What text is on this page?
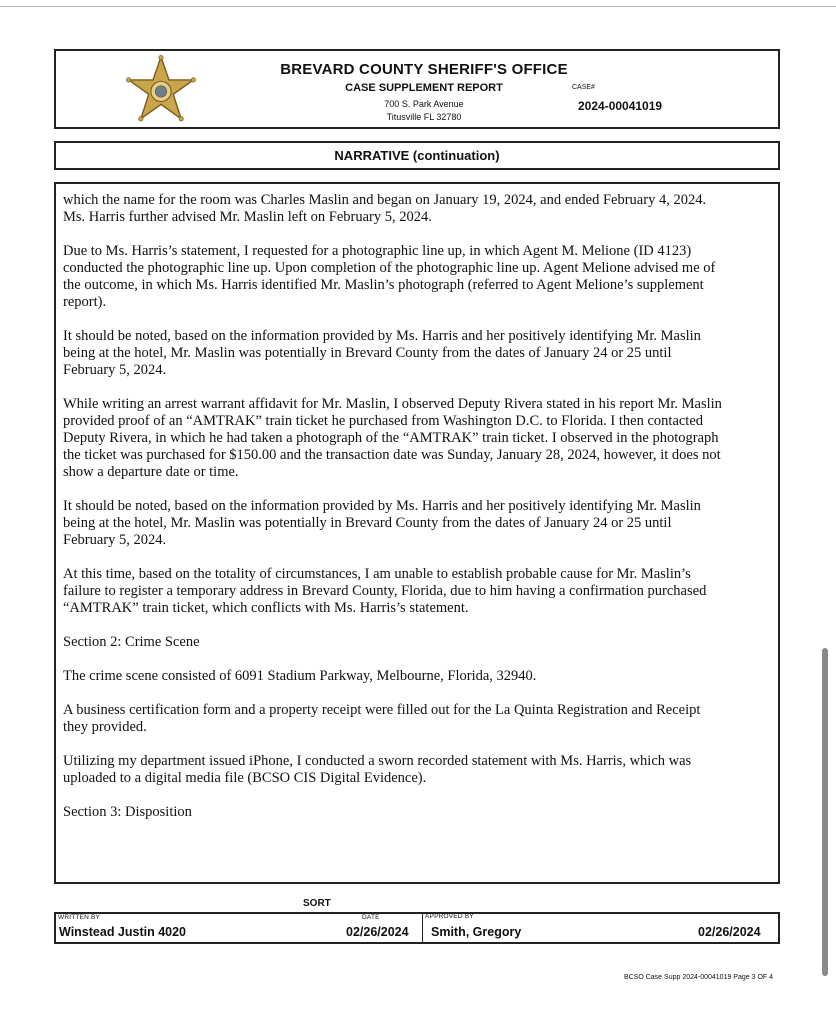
BREVARD COUNTY SHERIFF'S OFFICE
CASE SUPPLEMENT REPORT
700 S. Park Avenue
Titusville FL 32780
CASE#
2024-00041019
NARRATIVE (continuation)

which the name for the room was Charles Maslin and began on January 19, 2024, and ended February 4, 2024.
Ms. Harris further advised Mr. Maslin left on February 5, 2024.

Due to Ms. Harris’s statement, I requested for a photographic line up, in which Agent M. Melione (ID 4123)
conducted the photographic line up. Upon completion of the photographic line up. Agent Melione advised me of
the outcome, in which Ms. Harris identified Mr. Maslin’s photograph (referred to Agent Melione’s supplement
report).

It should be noted, based on the information provided by Ms. Harris and her positively identifying Mr. Maslin
being at the hotel, Mr. Maslin was potentially in Brevard County from the dates of January 24 or 25 until
February 5, 2024.

While writing an arrest warrant affidavit for Mr. Maslin, I observed Deputy Rivera stated in his report Mr. Maslin
provided proof of an “AMTRAK” train ticket he purchased from Washington D.C. to Florida. I then contacted
Deputy Rivera, in which he had taken a photograph of the “AMTRAK” train ticket. I observed in the photograph
the ticket was purchased for $150.00 and the transaction date was Sunday, January 28, 2024, however, it does not
show a departure date or time.

It should be noted, based on the information provided by Ms. Harris and her positively identifying Mr. Maslin
being at the hotel, Mr. Maslin was potentially in Brevard County from the dates of January 24 or 25 until
February 5, 2024.

At this time, based on the totality of circumstances, I am unable to establish probable cause for Mr. Maslin’s
failure to register a temporary address in Brevard County, Florida, due to him having a confirmation purchased
“AMTRAK” train ticket, which conflicts with Ms. Harris’s statement.

Section 2: Crime Scene

The crime scene consisted of 6091 Stadium Parkway, Melbourne, Florida, 32940.

A business certification form and a property receipt were filled out for the La Quinta Registration and Receipt
they provided.

Utilizing my department issued iPhone, I conducted a sworn recorded statement with Ms. Harris, which was
uploaded to a digital media file (BCSO CIS Digital Evidence).

Section 3: Disposition

SORT
WRITTEN BY
Winstead Justin 4020
DATE
02/26/2024
APPROVED BY
Smith, Gregory	02/26/2024
BCSO Case Supp 2024-00041019 Page 3 OF 4
